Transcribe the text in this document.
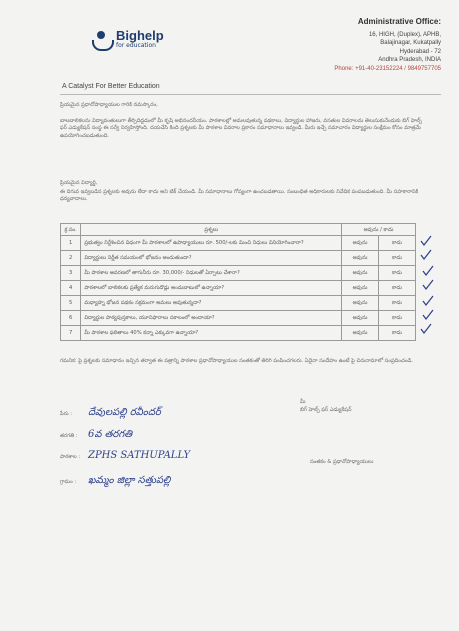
Bighelp
for education
A Catalyst For Better Education
Administrative Office:
16, HIGH, (Duplex), APHB,
Balajinagar, Kukatpally
Hyderabad - 72
Andhra Pradesh, INDIA
Phone: +91-40-23152224 / 9849757705
ప్రియమైన ప్రధానోపాధ్యాయుల గారికి నమస్కారం,
బాలబాలికలను విద్యావంతులుగా తీర్చిదిద్దడంలో మీ కృషి అభినందనీయం. పాఠశాలల్లో అమలవుతున్న పథకాలు, విద్యార్థుల హాజరు, వసతుల వివరాలను తెలుసుకునేందుకు బిగ్ హెల్ప్ ఫర్ ఎడ్యుకేషన్ సంస్థ ఈ సర్వే నిర్వహిస్తోంది. దయచేసి కింది ప్రశ్నలకు మీ పాఠశాల వివరాల ప్రకారం సమాధానాలు ఇవ్వండి. మీరు ఇచ్చే సమాచారం విద్యార్థుల సంక్షేమం కోసం మాత్రమే ఉపయోగించబడుతుంది.
ప్రియమైన విద్యార్థి,
ఈ దిగువ ఇవ్వబడిన ప్రశ్నలకు అవును లేదా కాదు అని టిక్ చేయండి. మీ సమాధానాలు గోప్యంగా ఉంచబడతాయి. సంబంధిత అధికారులకు నివేదిక పంపబడుతుంది. మీ సహకారానికి ధన్యవాదాలు.
క్ర.సం.	ప్రశ్నలు	అవును / కాదు	
1	ప్రభుత్వం నిర్దేశించిన విధంగా మీ పాఠశాలలో ఉపాధ్యాయులు రూ. 500/-లకు మించి నిధులు వినియోగించారా?	అవును	కాదు
2	విద్యార్థులు నిర్ణీత సమయంలో భోజనం అందుతుందా?	అవును	కాదు
3	మీ పాఠశాల ఆవరణలో తాగునీరు రూ. 30,000/- నిధులతో ఏర్పాటు చేశారా?	అవును	కాదు
4	పాఠశాలలో బాలికలకు ప్రత్యేక మరుగుదొడ్లు అందుబాటులో ఉన్నాయా?	అవును	కాదు
5	మధ్యాహ్న భోజన పథకం సక్రమంగా అమలు అవుతున్నదా?	అవును	కాదు
6	విద్యార్థుల పాఠ్యపుస్తకాలు, యూనిఫారాలు సకాలంలో అందాయా?	అవును	కాదు
7	మీ పాఠశాల ఫలితాలు 40% కన్నా ఎక్కువగా ఉన్నాయా?	అవును	కాదు
గమనిక: పై ప్రశ్నలకు సమాధానం ఇచ్చిన తర్వాత ఈ పత్రాన్ని పాఠశాల ప్రధానోపాధ్యాయుల సంతకంతో తిరిగి పంపించగలరు. ఏదైనా సందేహం ఉంటే పై చిరునామాలో సంప్రదించండి.
పేరు :	దేవులపల్లి రవీందర్
తరగతి :	6వ తరగతి
పాఠశాల : ZPHS SATHUPALLY
గ్రామం :	ఖమ్మం జిల్లా సత్తుపల్లి
మీ
బిగ్ హెల్ప్ ఫర్ ఎడ్యుకేషన్
సంతకం & ప్రధానోపాధ్యాయులు
